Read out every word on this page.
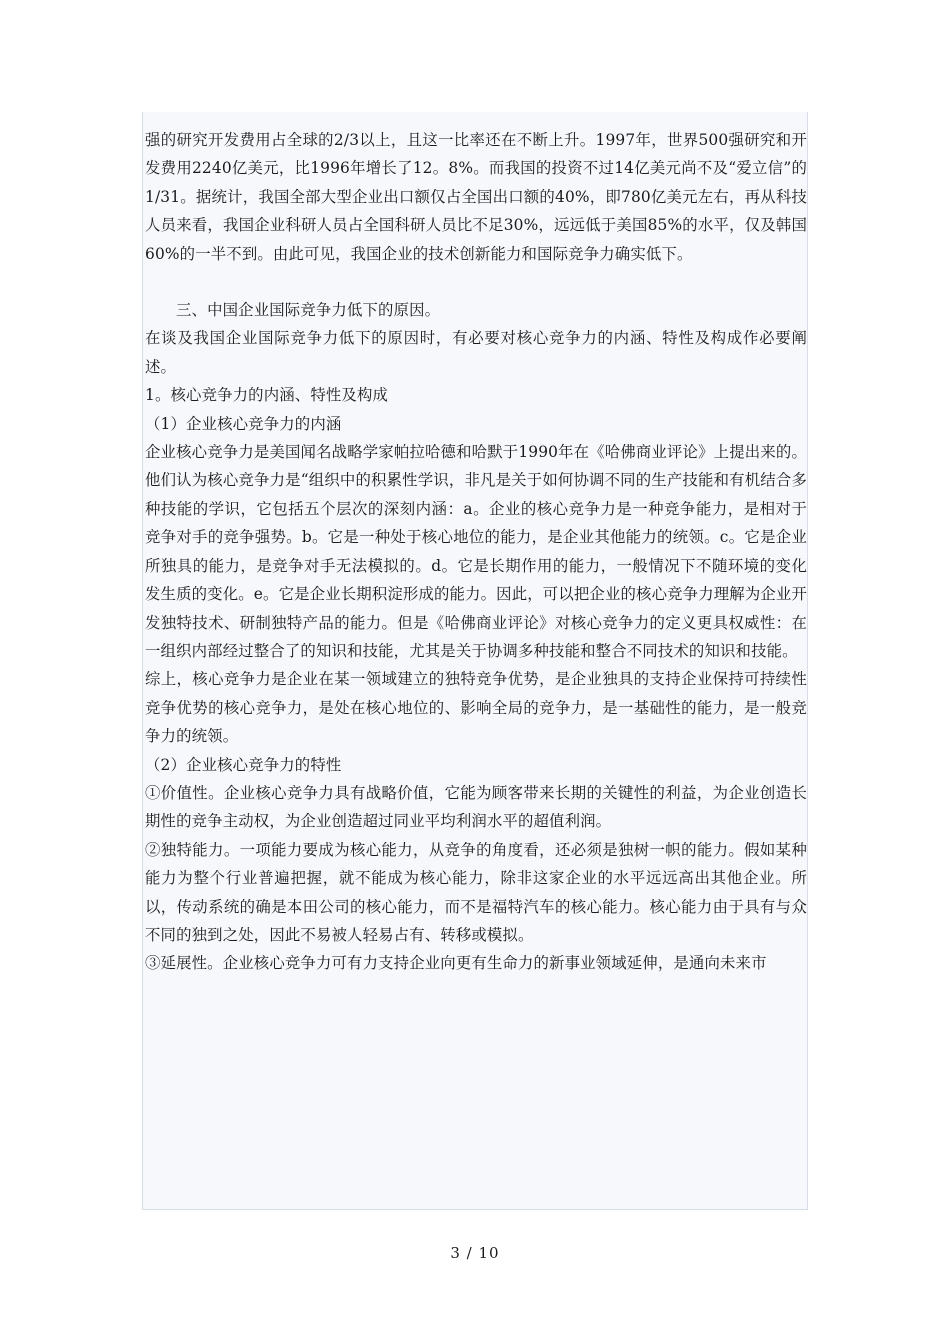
强的研究开发费用占全球的2/3以上，且这一比率还在不断上升。1997年，世界500强研究和开发费用2240亿美元，比1996年增长了12。8%。而我国的投资不过14亿美元尚不及“爱立信”的1/31。据统计，我国全部大型企业出口额仅占全国出口额的40%，即780亿美元左右，再从科技人员来看，我国企业科研人员占全国科研人员比不足30%，远远低于美国85%的水平，仅及韩国60%的一半不到。由此可见，我国企业的技术创新能力和国际竞争力确实低下。

三、中国企业国际竞争力低下的原因。

在谈及我国企业国际竞争力低下的原因时，有必要对核心竞争力的内涵、特性及构成作必要阐述。

1。核心竞争力的内涵、特性及构成

（1）企业核心竞争力的内涵

企业核心竞争力是美国闻名战略学家帕拉哈德和哈默于1990年在《哈佛商业评论》上提出来的。他们认为核心竞争力是“组织中的积累性学识，非凡是关于如何协调不同的生产技能和有机结合多种技能的学识，它包括五个层次的深刻内涵：a。企业的核心竞争力是一种竞争能力，是相对于竞争对手的竞争强势。b。它是一种处于核心地位的能力，是企业其他能力的统领。c。它是企业所独具的能力，是竞争对手无法模拟的。d。它是长期作用的能力，一般情况下不随环境的变化发生质的变化。e。它是企业长期积淀形成的能力。因此，可以把企业的核心竞争力理解为企业开发独特技术、研制独特产品的能力。但是《哈佛商业评论》对核心竞争力的定义更具权威性：在一组织内部经过整合了的知识和技能，尤其是关于协调多种技能和整合不同技术的知识和技能。

综上，核心竞争力是企业在某一领域建立的独特竞争优势，是企业独具的支持企业保持可持续性竞争优势的核心竞争力，是处在核心地位的、影响全局的竞争力，是一基础性的能力，是一般竞争力的统领。

（2）企业核心竞争力的特性

①价值性。企业核心竞争力具有战略价值，它能为顾客带来长期的关键性的利益，为企业创造长期性的竞争主动权，为企业创造超过同业平均利润水平的超值利润。

②独特能力。一项能力要成为核心能力，从竞争的角度看，还必须是独树一帜的能力。假如某种能力为整个行业普遍把握，就不能成为核心能力，除非这家企业的水平远远高出其他企业。所以，传动系统的确是本田公司的核心能力，而不是福特汽车的核心能力。核心能力由于具有与众不同的独到之处，因此不易被人轻易占有、转移或模拟。

③延展性。企业核心竞争力可有力支持企业向更有生命力的新事业领域延伸，是通向未来市

3 / 10
